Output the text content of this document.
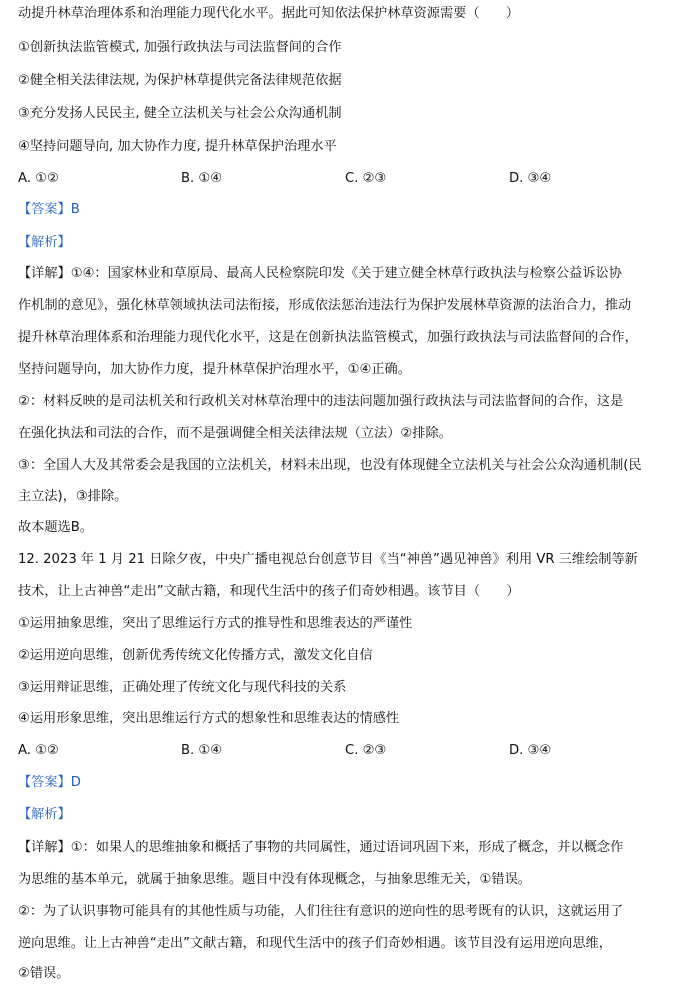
动提升林草治理体系和治理能力现代化水平。据此可知依法保护林草资源需要（　　）
①创新执法监管模式, 加强行政执法与司法监督间的合作
②健全相关法律法规, 为保护林草提供完备法律规范依据
③充分发扬人民民主, 健全立法机关与社会公众沟通机制
④坚持问题导向, 加大协作力度, 提升林草保护治理水平
A. ①②	B. ①④	C. ②③	D. ③④
【答案】B
【解析】
【详解】①④：国家林业和草原局、最高人民检察院印发《关于建立健全林草行政执法与检察公益诉讼协
作机制的意见》，强化林草领域执法司法衔接，形成依法惩治违法行为保护发展林草资源的法治合力，推动
提升林草治理体系和治理能力现代化水平，这是在创新执法监管模式，加强行政执法与司法监督间的合作，
坚持问题导向，加大协作力度，提升林草保护治理水平，①④正确。
②：材料反映的是司法机关和行政机关对林草治理中的违法问题加强行政执法与司法监督间的合作，这是
在强化执法和司法的合作，而不是强调健全相关法律法规（立法）②排除。
③：全国人大及其常委会是我国的立法机关，材料未出现，也没有体现健全立法机关与社会公众沟通机制(民
主立法)，③排除。
故本题选B。
12. 2023 年 1 月 21 日除夕夜，中央广播电视总台创意节目《当“神兽”遇见神兽》利用 VR 三维绘制等新
技术，让上古神兽“走出”文献古籍，和现代生活中的孩子们奇妙相遇。该节目（　　）
①运用抽象思维，突出了思维运行方式的推导性和思维表达的严谨性
②运用逆向思维，创新优秀传统文化传播方式，激发文化自信
③运用辩证思维，正确处理了传统文化与现代科技的关系
④运用形象思维，突出思维运行方式的想象性和思维表达的情感性
A. ①②	B. ①④	C. ②③	D. ③④
【答案】D
【解析】
【详解】①：如果人的思维抽象和概括了事物的共同属性，通过语词巩固下来，形成了概念，并以概念作
为思维的基本单元，就属于抽象思维。题目中没有体现概念，与抽象思维无关，①错误。
②：为了认识事物可能具有的其他性质与功能，人们往往有意识的逆向性的思考既有的认识，这就运用了
逆向思维。让上古神兽“走出”文献古籍，和现代生活中的孩子们奇妙相遇。该节目没有运用逆向思维，
②错误。
